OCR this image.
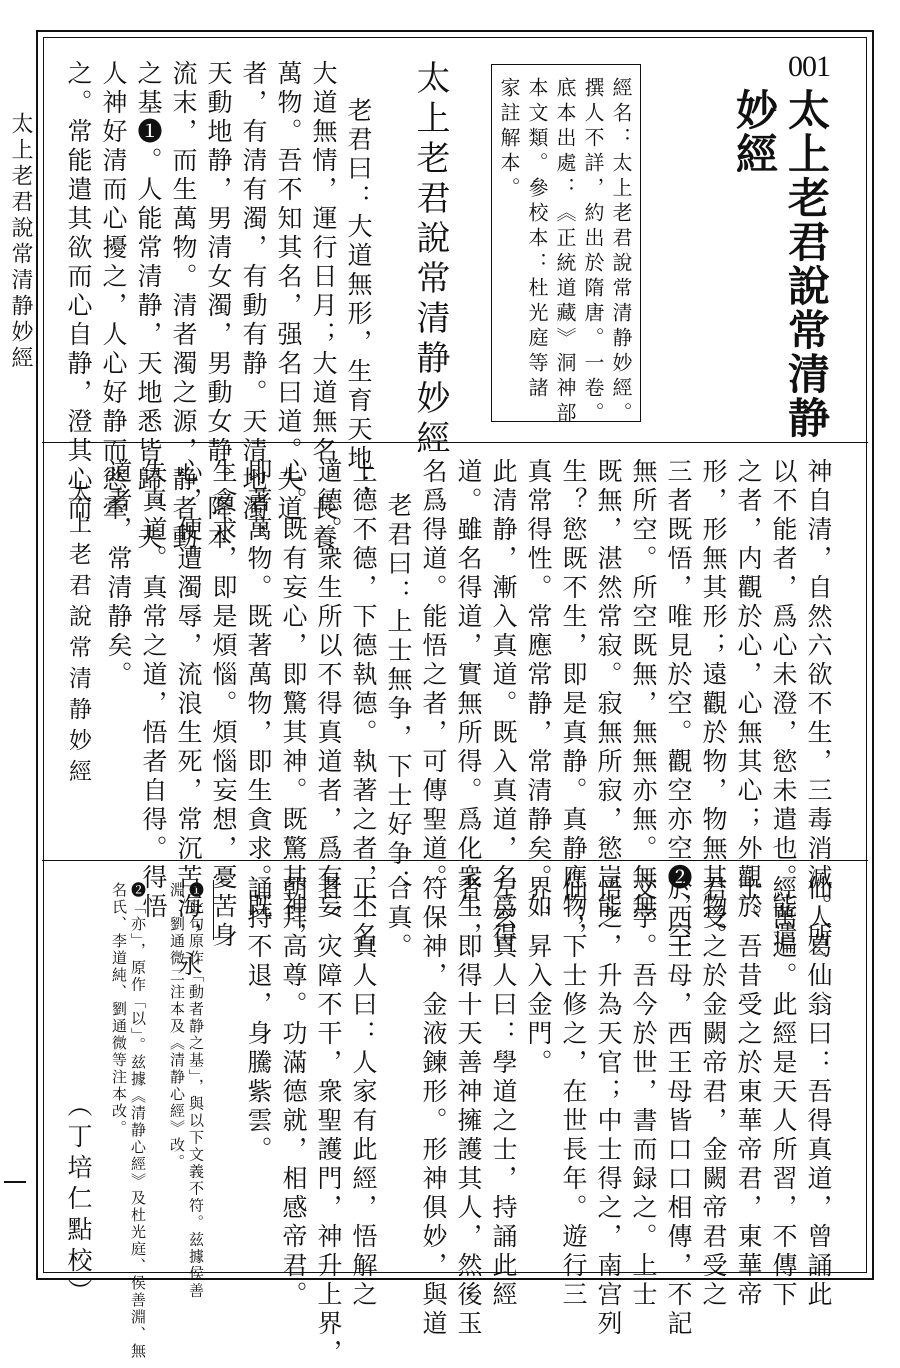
太上老君說常清静妙經
001
太上老君說常清静
妙經
經名：太上老君說常清静妙經。
撰人不詳，約出於隋唐。一卷。
底本出處：《正統道藏》洞神部
本文類。參校本：杜光庭等諸
家註解本。
太上老君說常清静妙經
老君曰：大道無形，生育天地；
大道無情，運行日月；大道無名，長養
萬物。吾不知其名，强名曰道。夫道
者，有清有濁，有動有静。天清地濁，
天動地静，男清女濁，男動女静。降本
流末，而生萬物。清者濁之源，静者動
之基❶。人能常清静，天地悉皆歸。夫
人神好清而心擾之，人心好静而慾牽
之。常能遣其欲而心自静，澄其心而
神自清，自然六欲不生，三毒消滅。所
以不能者，爲心未澄，慾未遣也。能遣
之者，内觀於心，心無其心；外觀於
形，形無其形；遠觀於物，物無其物。
三者既悟，唯見於空。觀空亦空❷，空
無所空。所空既無，無無亦無。無無
既無，湛然常寂。寂無所寂，慾豈能
生？慾既不生，即是真静。真静應物，
真常得性。常應常静，常清静矣。如
此清静，漸入真道。既入真道，名爲得
道。雖名得道，實無所得。爲化衆生，
名爲得道。能悟之者，可傳聖道。
老君曰：上士無争，下士好争；
上德不德，下德執德。執著之者，不名
道德。衆生所以不得真道者，爲有妄
心。既有妄心，即驚其神。既驚其神，
即著萬物。既著萬物，即生貪求。既
生貪求，即是煩惱。煩惱妄想，憂苦身
心，便遭濁辱，流浪生死，常沉苦海，永
失真道。真常之道，悟者自得。得悟
道者，常清静矣。
太上老君說常清静妙經
仙人葛仙翁曰：吾得真道，曾誦此
經萬遍。此經是天人所習，不傳下
士。吾昔受之於東華帝君，東華帝
君受之於金闕帝君，金闕帝君受之
於西王母，西王母皆口口相傳，不記
文字。吾今於世，書而録之。上士
悟之，升為天官；中士得之，南宫列
仙；下士修之，在世長年。遊行三
界，昇入金門。
左玄真人曰：學道之士，持誦此經
者，即得十天善神擁護其人，然後玉
符保神，金液鍊形。形神俱妙，與道
合真。
正一真人曰：人家有此經，悟解之
者，灾障不干，衆聖護門，神升上界，
朝拜高尊。功滿德就，相感帝君。
誦持不退，身騰紫雲。
❶此句原作「動者静之基」，與以下文義不符。兹據侯善
淵、劉通微二注本及《清静心經》改。
❷「亦」，原作「以」。兹據《清静心經》及杜光庭、侯善淵、無
名氏、李道純、劉通微等注本改。
（丁培仁點校）
